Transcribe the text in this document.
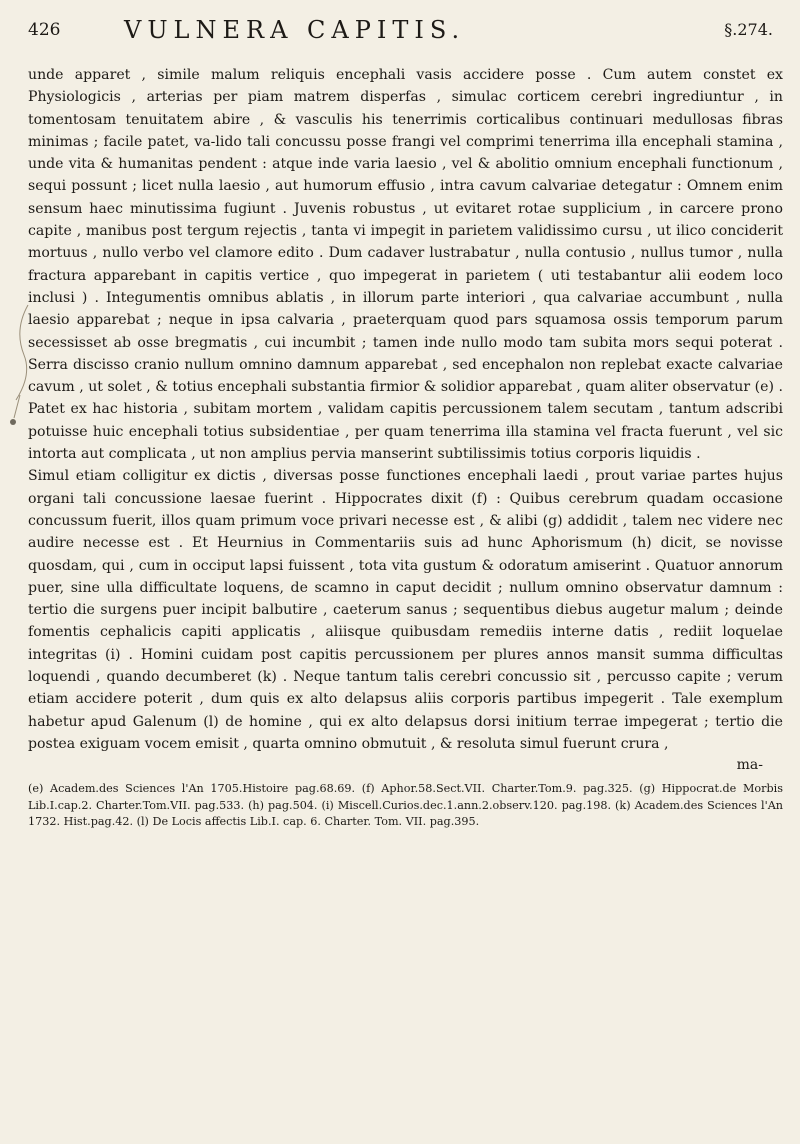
426	VULNERA CAPITIS.	§.274.

unde apparet , simile malum reliquis encephali vasis accidere posse . Cum autem constet ex Physiologicis , arterias per piam matrem disperfas , simulac corticem cerebri ingrediuntur , in tomentosam tenuitatem abire , & vasculis his tenerrimis corticalibus continuari medullosas fibras minimas ; facile patet, va-lido tali concussu posse frangi vel comprimi tenerrima illa encephali stamina , unde vita & humanitas pendent : atque inde varia laesio , vel & abolitio omnium encephali functionum , sequi possunt ; licet nulla laesio , aut humorum effusio , intra cavum calvariae detegatur : Omnem enim sensum haec minutissima fugiunt . Juvenis robustus , ut evitaret rotae supplicium , in carcere prono capite , manibus post tergum rejectis , tanta vi impegit in parietem validissimo cursu , ut ilico conciderit mortuus , nullo verbo vel clamore edito . Dum cadaver lustrabatur , nulla contusio , nullus tumor , nulla fractura apparebant in capitis vertice , quo impegerat in parietem ( uti testabantur alii eodem loco inclusi ) . Integumentis omnibus ablatis , in illorum parte interiori , qua calvariae accumbunt , nulla laesio apparebat ; neque in ipsa calvaria , praeterquam quod pars squamosa ossis temporum parum secessisset ab osse bregmatis , cui incumbit ; tamen inde nullo modo tam subita mors sequi poterat . Serra discisso cranio nullum omnino damnum apparebat , sed encephalon non replebat exacte calvariae cavum , ut solet , & totius encephali substantia firmior & solidior apparebat , quam aliter observatur (e) . Patet ex hac historia , subitam mortem , validam capitis percussionem talem secutam , tantum adscribi potuisse huic encephali totius subsidentiae , per quam tenerrima illa stamina vel fracta fuerunt , vel sic intorta aut complicata , ut non amplius pervia manserint subtilissimis totius corporis liquidis .

Simul etiam colligitur ex dictis , diversas posse functiones encephali laedi , prout variae partes hujus organi tali concussione laesae fuerint . Hippocrates dixit (f) : Quibus cerebrum quadam occasione concussum fuerit, illos quam primum voce privari necesse est , & alibi (g) addidit , talem nec videre nec audire necesse est . Et Heurnius in Commentariis suis ad hunc Aphorismum (h) dicit, se novisse quosdam, qui , cum in occiput lapsi fuissent , tota vita gustum & odoratum amiserint . Quatuor annorum puer, sine ulla difficultate loquens, de scamno in caput decidit ; nullum omnino observatur damnum : tertio die surgens puer incipit balbutire , caeterum sanus ; sequentibus diebus augetur malum ; deinde fomentis cephalicis capiti applicatis , aliisque quibusdam remediis interne datis , rediit loquelae integritas (i) . Homini cuidam post capitis percussionem per plures annos mansit summa difficultas loquendi , quando decumberet (k) . Neque tantum talis cerebri concussio sit , percusso capite ; verum etiam accidere poterit , dum quis ex alto delapsus aliis corporis partibus impegerit . Tale exemplum habetur apud Galenum (l) de homine , qui ex alto delapsus dorsi initium terrae impegerat ; tertio die postea exiguam vocem emisit , quarta omnino obmutuit , & resoluta simul fuerunt crura ,

ma-

(e) Academ.des Sciences l'An 1705.Histoire pag.68.69. (f) Aphor.58.Sect.VII. Charter.Tom.9. pag.325. (g) Hippocrat.de Morbis Lib.I.cap.2. Charter.Tom.VII. pag.533. (h) pag.504. (i) Miscell.Curios.dec.1.ann.2.observ.120. pag.198. (k) Academ.des Sciences l'An 1732. Hist.pag.42. (l) De Locis affectis Lib.I. cap. 6. Charter. Tom. VII. pag.395.
